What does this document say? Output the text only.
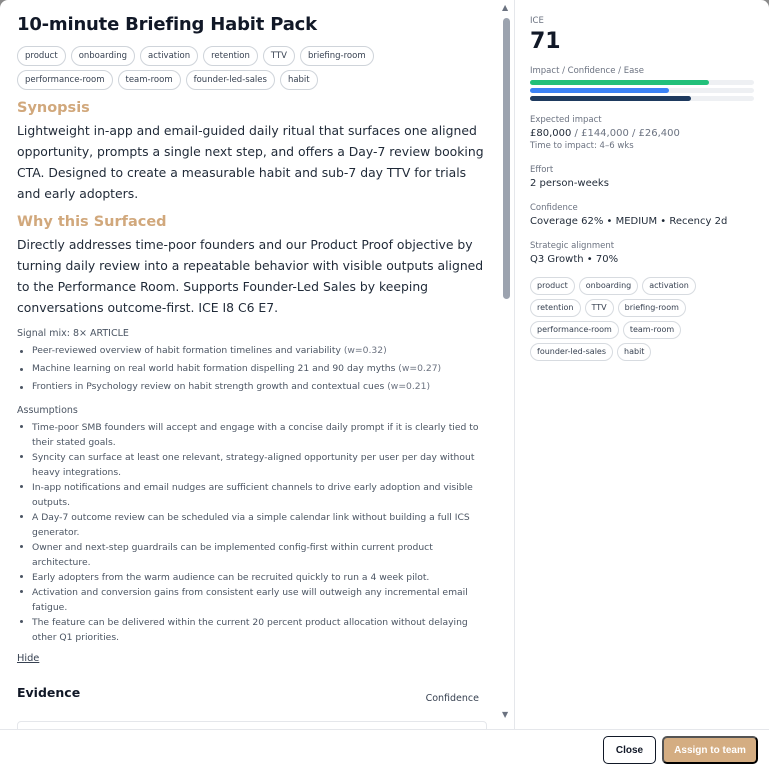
10-minute Briefing Habit Pack
product	onboarding	activation	retention	TTV	briefing-room
performance-room	team-room	founder-led-sales	habit
Synopsis
Lightweight in-app and email-guided daily ritual that surfaces one aligned opportunity, prompts a single next step, and offers a Day-7 review booking CTA. Designed to create a measurable habit and sub-7 day TTV for trials and early adopters.
Why this Surfaced
Directly addresses time-poor founders and our Product Proof objective by turning daily review into a repeatable behavior with visible outputs aligned to the Performance Room. Supports Founder-Led Sales by keeping conversations outcome-first. ICE I8 C6 E7.
Signal mix: 8× ARTICLE
Peer-reviewed overview of habit formation timelines and variability (w=0.32)
Machine learning on real world habit formation dispelling 21 and 90 day myths (w=0.27)
Frontiers in Psychology review on habit strength growth and contextual cues (w=0.21)
Assumptions
Time-poor SMB founders will accept and engage with a concise daily prompt if it is clearly tied to their stated goals.
Syncity can surface at least one relevant, strategy-aligned opportunity per user per day without heavy integrations.
In-app notifications and email nudges are sufficient channels to drive early adoption and visible outputs.
A Day-7 outcome review can be scheduled via a simple calendar link without building a full ICS generator.
Owner and next-step guardrails can be implemented config-first within current product architecture.
Early adopters from the warm audience can be recruited quickly to run a 4 week pilot.
Activation and conversion gains from consistent early use will outweigh any incremental email fatigue.
The feature can be delivered within the current 20 percent product allocation without delaying other Q1 priorities.
Hide
Evidence	Confidence
▲
▼
ICE
71
Impact / Confidence / Ease
Expected impact
£80,000 / £144,000 / £26,400
Time to impact: 4–6 wks
Effort
2 person-weeks
Confidence
Coverage 62% • MEDIUM • Recency 2d
Strategic alignment
Q3 Growth • 70%
product	onboarding	activation
retention	TTV	briefing-room
performance-room	team-room
founder-led-sales	habit
Close	Assign to team
